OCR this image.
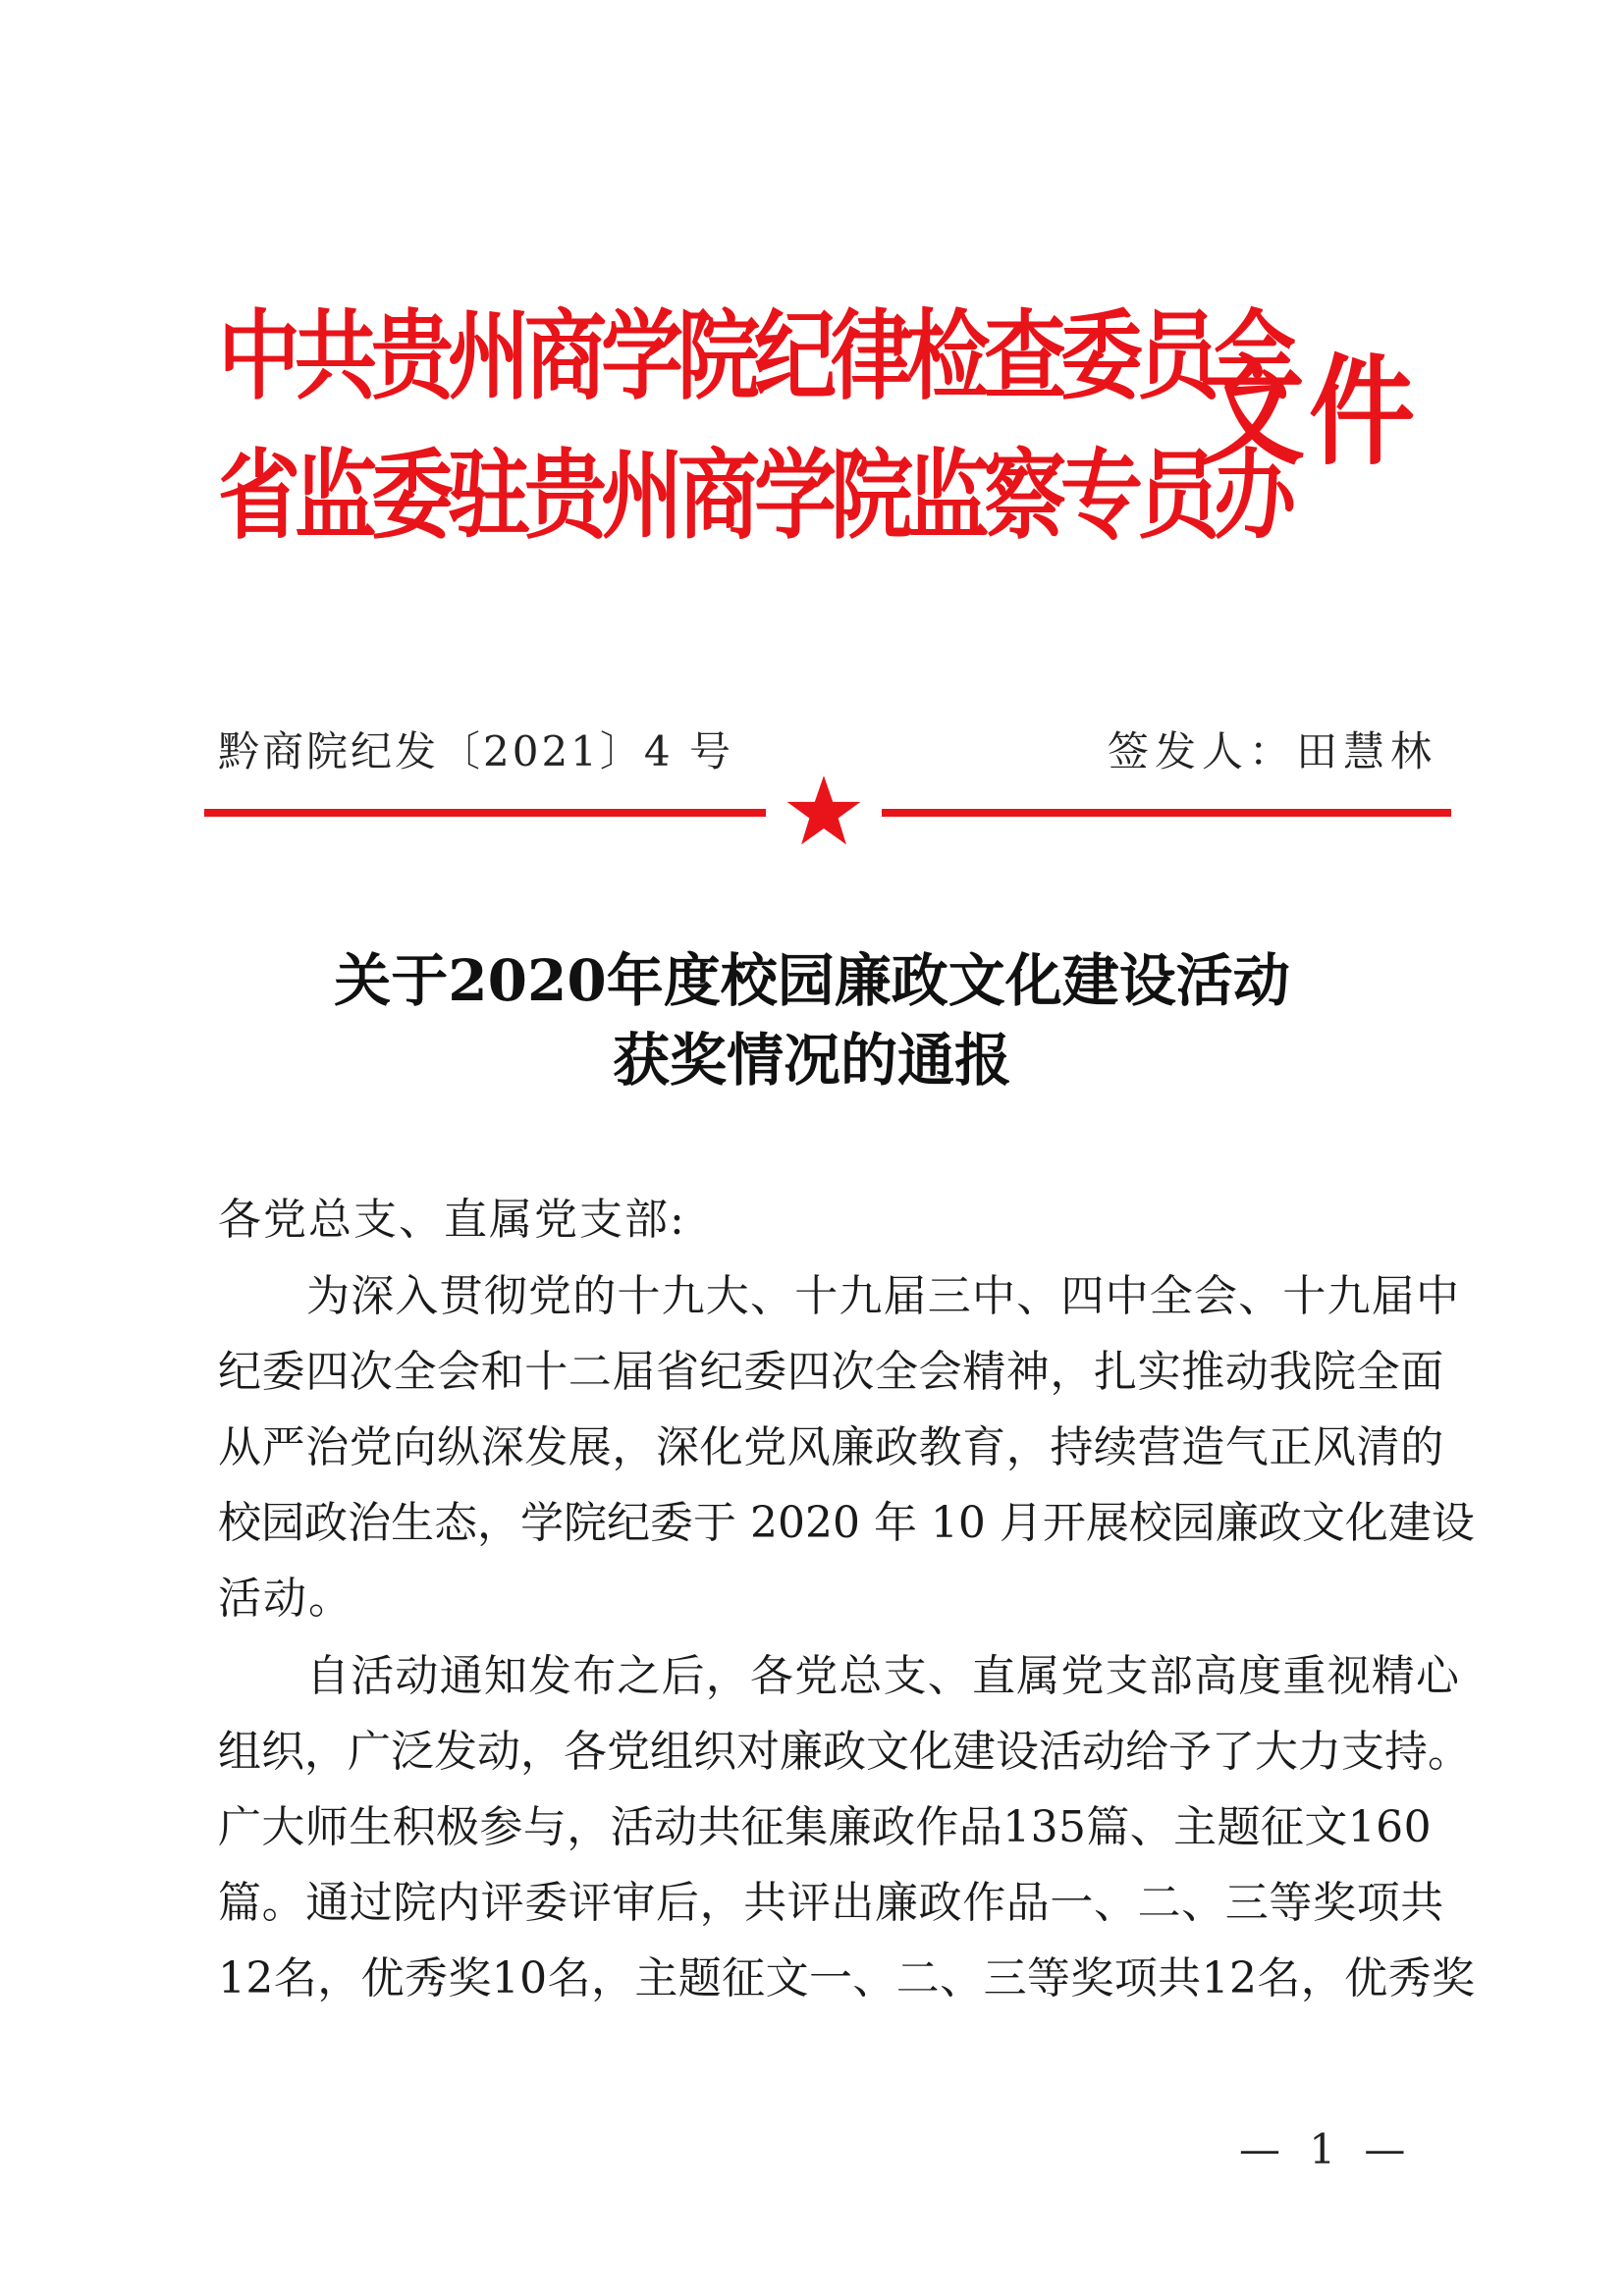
中共贵州商学院纪律检查委员会
省监委驻贵州商学院监察专员办
文件
黔商院纪发〔2021〕4 号	签发人：田慧林
关于2020年度校园廉政文化建设活动
获奖情况的通报
各党总支、直属党支部:
为深入贯彻党的十九大、十九届三中、四中全会、十九届中
纪委四次全会和十二届省纪委四次全会精神，扎实推动我院全面
从严治党向纵深发展，深化党风廉政教育，持续营造气正风清的
校园政治生态，学院纪委于 2020 年 10 月开展校园廉政文化建设
活动。
自活动通知发布之后，各党总支、直属党支部高度重视精心
组织，广泛发动，各党组织对廉政文化建设活动给予了大力支持。
广大师生积极参与，活动共征集廉政作品135篇、主题征文160
篇。通过院内评委评审后，共评出廉政作品一、二、三等奖项共
12名，优秀奖10名，主题征文一、二、三等奖项共12名，优秀奖
— 1 —
